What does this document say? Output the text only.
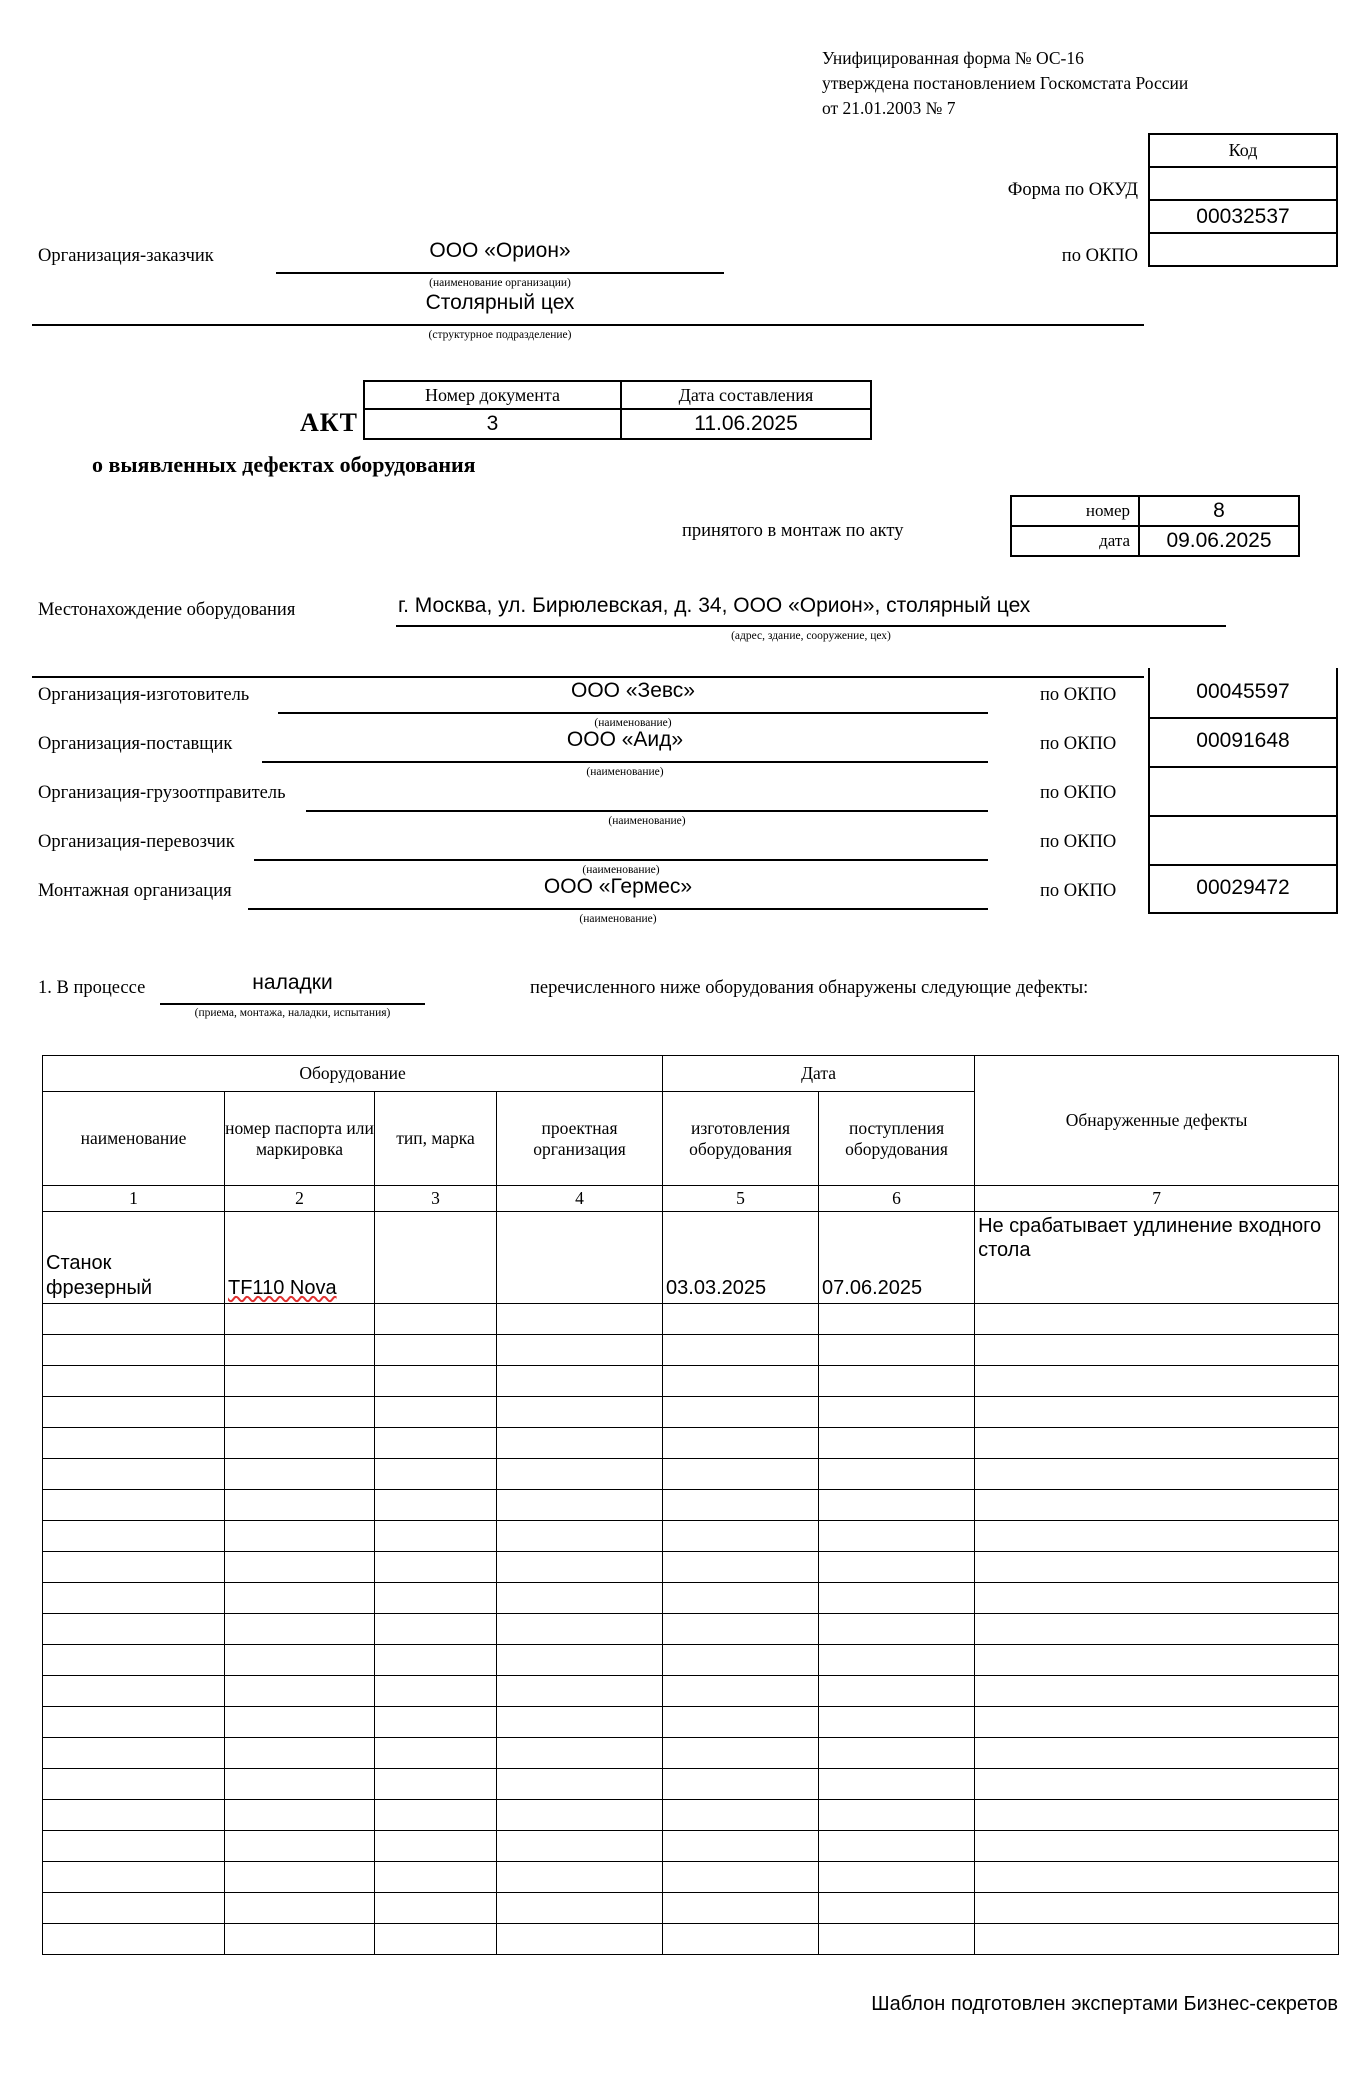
Унифицированная форма № ОС-16
утверждена постановлением Госкомстата России
от 21.01.2003 № 7
Код
00032537
Форма по ОКУД
по ОКПО
Организация-заказчик	ООО «Орион»
(наименование организации)
Столярный цех
(структурное подразделение)
АКТ
о выявленных дефектах оборудования
Номер документа	Дата составления
3	11.06.2025
принятого в монтаж по акту
номер	8
дата	09.06.2025
Местонахождение оборудования	г. Москва, ул. Бирюлевская, д. 34, ООО «Орион», столярный цех
(адрес, здание, сооружение, цех)
Организация-изготовитель	ООО «Зевс»
(наименование)
по ОКПО	00045597
Организация-поставщик	ООО «Аид»
(наименование)
по ОКПО	00091648
Организация-грузоотправитель
(наименование)
по ОКПО
Организация-перевозчик
(наименование)
по ОКПО
Монтажная организация	ООО «Гермес»
(наименование)
по ОКПО	00029472
1. В процессе	наладки
(приема, монтажа, наладки, испытания)
перечисленного ниже оборудования обнаружены следующие дефекты:
Оборудование				Дата		Обнаруженные дефекты
наименование	номер паспорта или маркировка	тип, марка	проектная организация	изготовления оборудования	поступления оборудования	
1	2	3	4	5	6	7
Станок фрезерный	TF110 Nova			03.03.2025	07.06.2025	Не срабатывает удлинение входного стола

Шаблон подготовлен экспертами Бизнес-секретов
